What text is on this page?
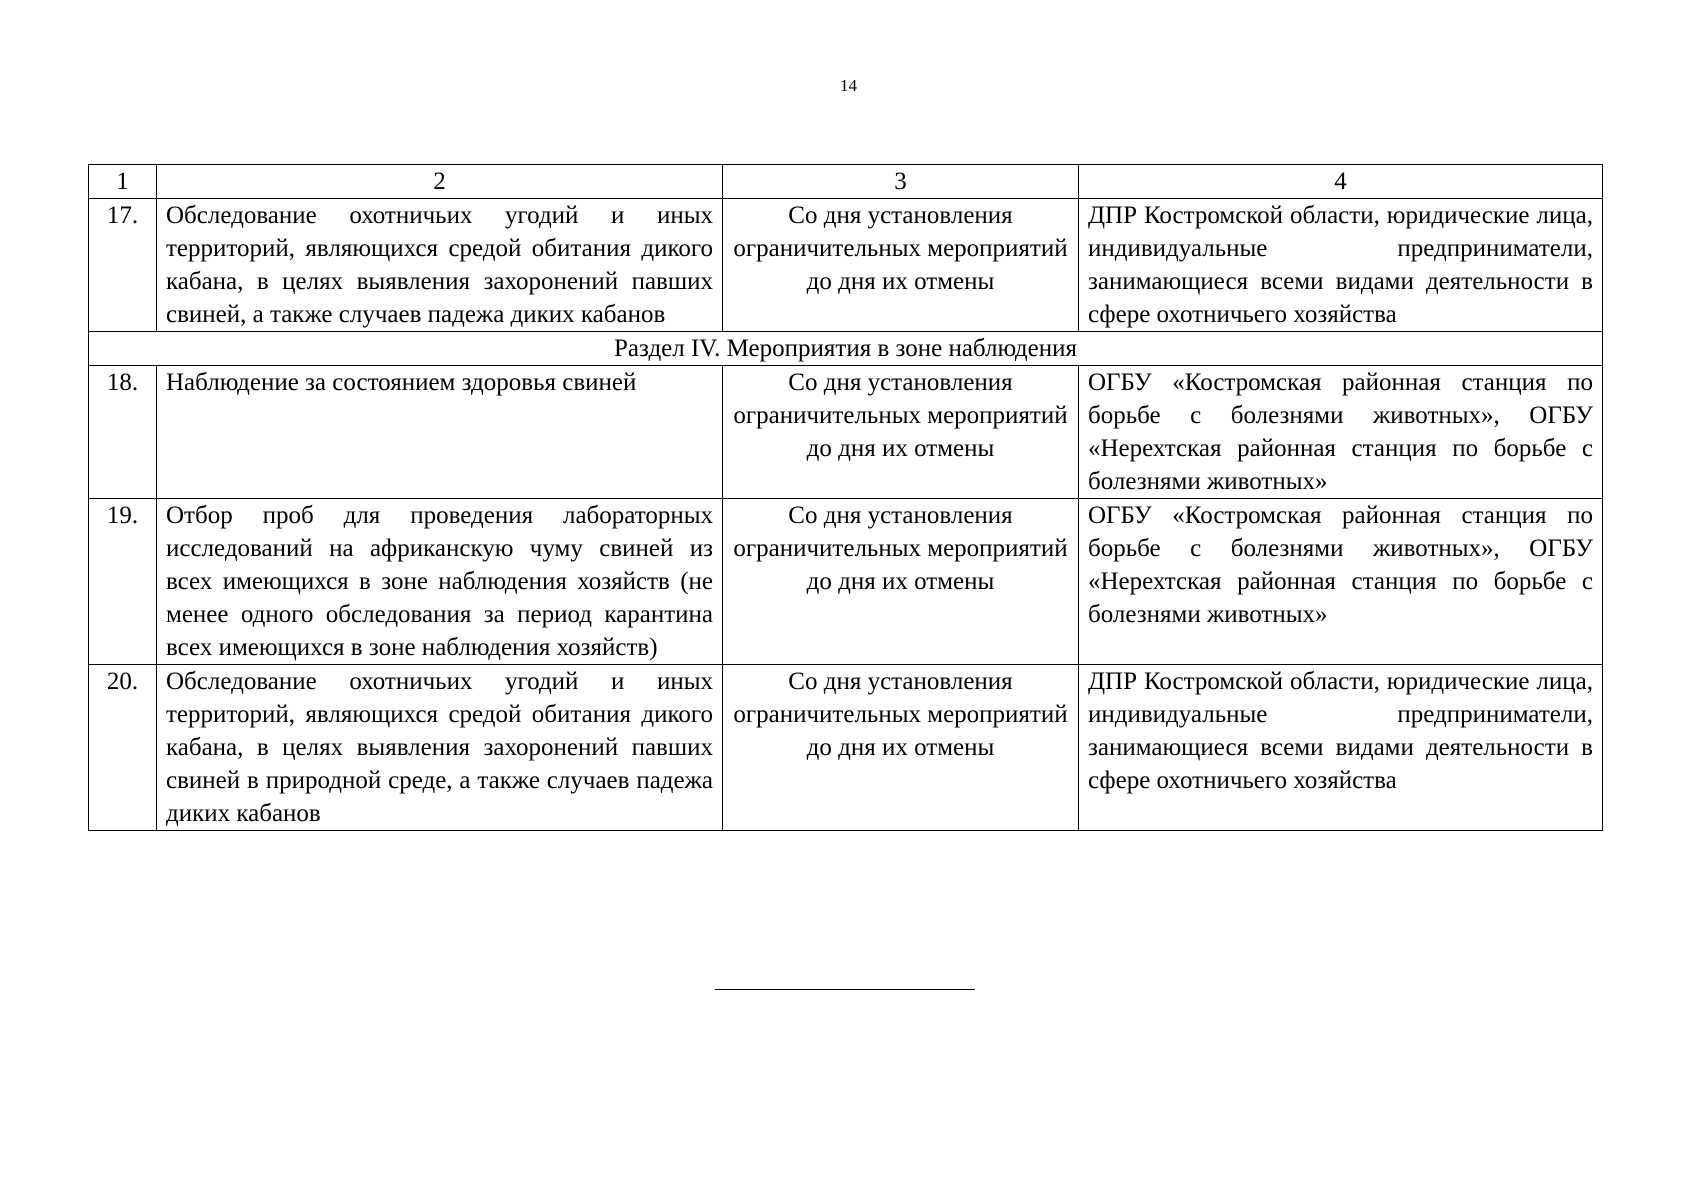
14
1	2	3	4
17.	Обследование охотничьих угодий и иных территорий, являющихся средой обитания дикого кабана, в целях выявления захоронений павших свиней, а также случаев падежа диких кабанов	Со дня установления ограничительных мероприятий до дня их отмены	ДПР Костромской области, юридические лица, индивидуальные предприниматели, занимающиеся всеми видами деятельности в сфере охотничьего хозяйства
Раздел IV. Мероприятия в зоне наблюдения			
18.	Наблюдение за состоянием здоровья свиней	Со дня установления ограничительных мероприятий до дня их отмены	ОГБУ «Костромская районная станция по борьбе с болезнями животных», ОГБУ «Нерехтская районная станция по борьбе с болезнями животных»
19.	Отбор проб для проведения лабораторных исследований на африканскую чуму свиней из всех имеющихся в зоне наблюдения хозяйств (не менее одного обследования за период карантина всех имеющихся в зоне наблюдения хозяйств)	Со дня установления ограничительных мероприятий до дня их отмены	ОГБУ «Костромская районная станция по борьбе с болезнями животных», ОГБУ «Нерехтская районная станция по борьбе с болезнями животных»
20.	Обследование охотничьих угодий и иных территорий, являющихся средой обитания дикого кабана, в целях выявления захоронений павших свиней в природной среде, а также случаев падежа диких кабанов	Со дня установления ограничительных мероприятий до дня их отмены	ДПР Костромской области, юридические лица, индивидуальные предприниматели, занимающиеся всеми видами деятельности в сфере охотничьего хозяйства
